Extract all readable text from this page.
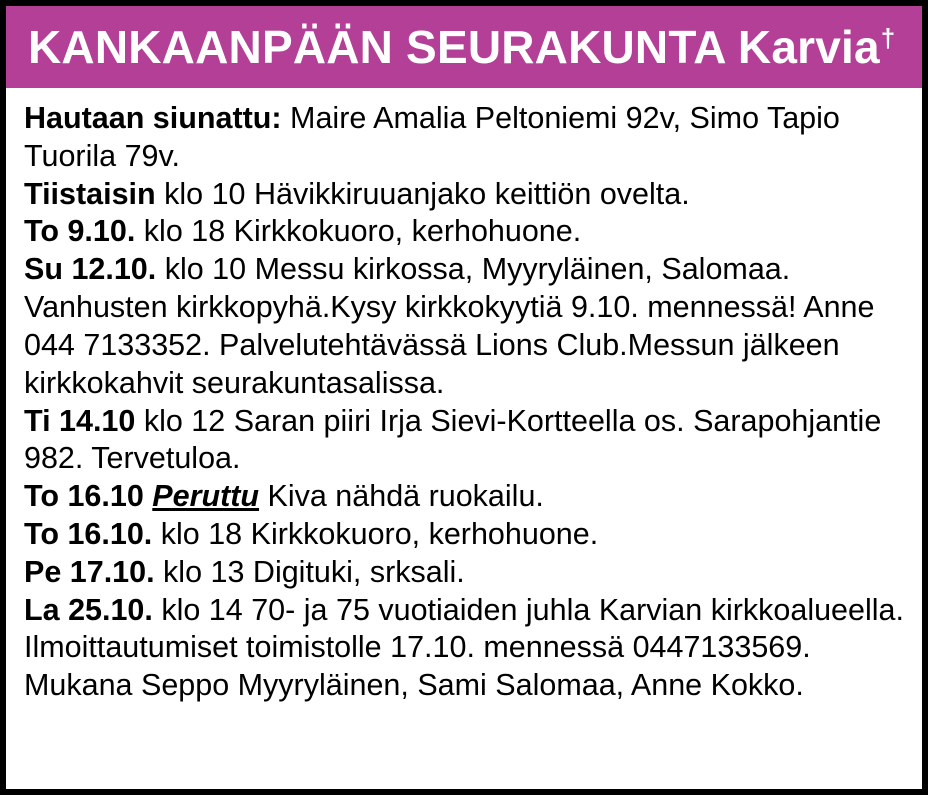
KANKAANPÄÄN SEURAKUNTA Karvia†

Hautaan siunattu: Maire Amalia Peltoniemi 92v, Simo Tapio Tuorila 79v.

Tiistaisin klo 10 Hävikkiruuanjako keittiön ovelta.

To 9.10. klo 18 Kirkkokuoro, kerhohuone.

Su 12.10. klo 10 Messu kirkossa, Myyryläinen, Salomaa. Vanhusten kirkkopyhä.Kysy kirkkokyytiä 9.10. mennessä! Anne 044 7133352. Palvelutehtävässä Lions Club.Messun jälkeen kirkkokahvit seurakuntasalissa.

Ti 14.10 klo 12 Saran piiri Irja Sievi-Kortteella os. Sarapohjantie 982. Tervetuloa.

To 16.10 Peruttu Kiva nähdä ruokailu.

To 16.10. klo 18 Kirkkokuoro, kerhohuone.

Pe 17.10. klo 13 Digituki, srksali.

La 25.10. klo 14 70- ja 75 vuotiaiden juhla Karvian kirkkoalueella. Ilmoittautumiset toimistolle 17.10. mennessä 0447133569. Mukana Seppo Myyryläinen, Sami Salomaa, Anne Kokko.
